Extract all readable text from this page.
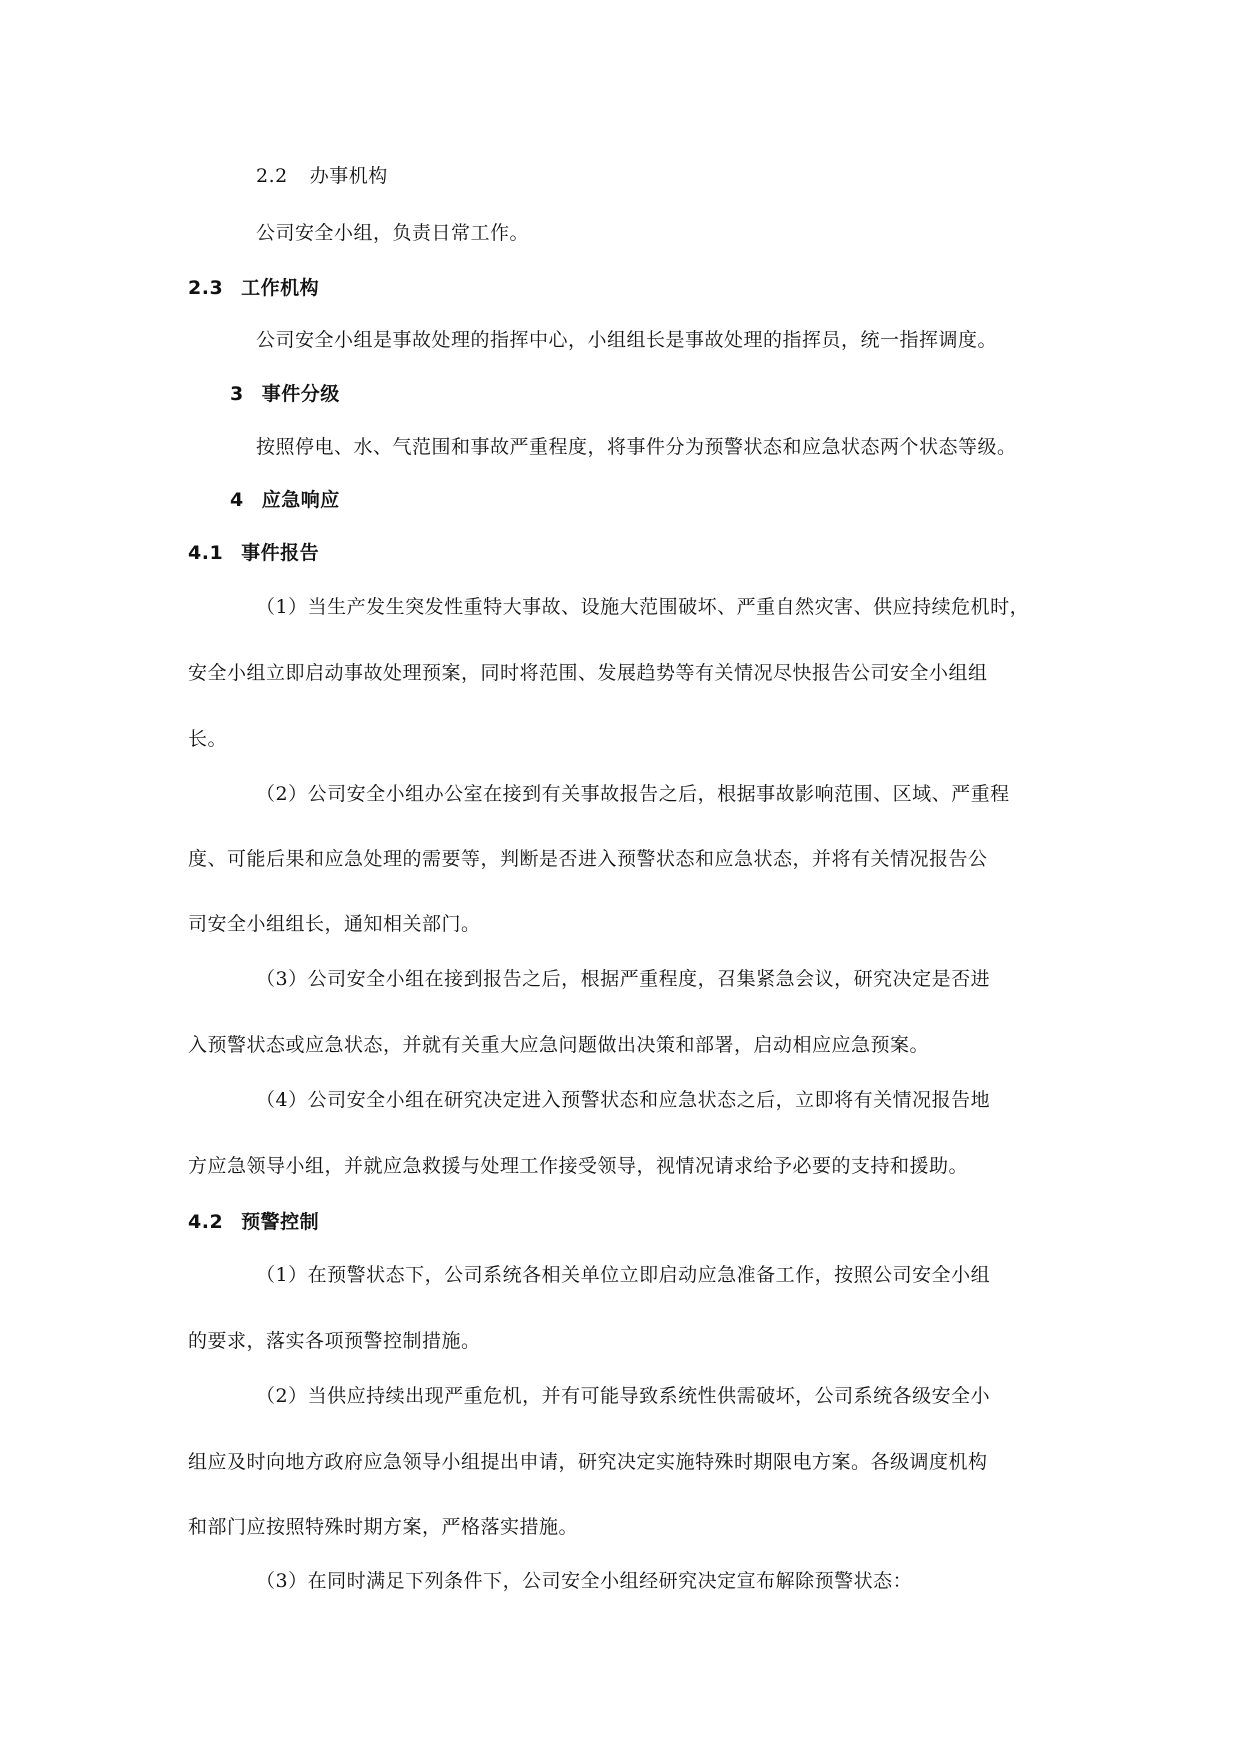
2.2 办事机构
公司安全小组，负责日常工作。
2.3 工作机构
公司安全小组是事故处理的指挥中心，小组组长是事故处理的指挥员，统一指挥调度。
3 事件分级
按照停电、水、气范围和事故严重程度，将事件分为预警状态和应急状态两个状态等级。
4 应急响应
4.1 事件报告
（1）当生产发生突发性重特大事故、设施大范围破坏、严重自然灾害、供应持续危机时，
安全小组立即启动事故处理预案，同时将范围、发展趋势等有关情况尽快报告公司安全小组组
长。
（2）公司安全小组办公室在接到有关事故报告之后，根据事故影响范围、区域、严重程
度、可能后果和应急处理的需要等，判断是否进入预警状态和应急状态，并将有关情况报告公
司安全小组组长，通知相关部门。
（3）公司安全小组在接到报告之后，根据严重程度，召集紧急会议，研究决定是否进
入预警状态或应急状态，并就有关重大应急问题做出决策和部署，启动相应应急预案。
（4）公司安全小组在研究决定进入预警状态和应急状态之后，立即将有关情况报告地
方应急领导小组，并就应急救援与处理工作接受领导，视情况请求给予必要的支持和援助。
4.2 预警控制
（1）在预警状态下，公司系统各相关单位立即启动应急准备工作，按照公司安全小组
的要求，落实各项预警控制措施。
（2）当供应持续出现严重危机，并有可能导致系统性供需破坏，公司系统各级安全小
组应及时向地方政府应急领导小组提出申请，研究决定实施特殊时期限电方案。各级调度机构
和部门应按照特殊时期方案，严格落实措施。
（3）在同时满足下列条件下，公司安全小组经研究决定宣布解除预警状态：
